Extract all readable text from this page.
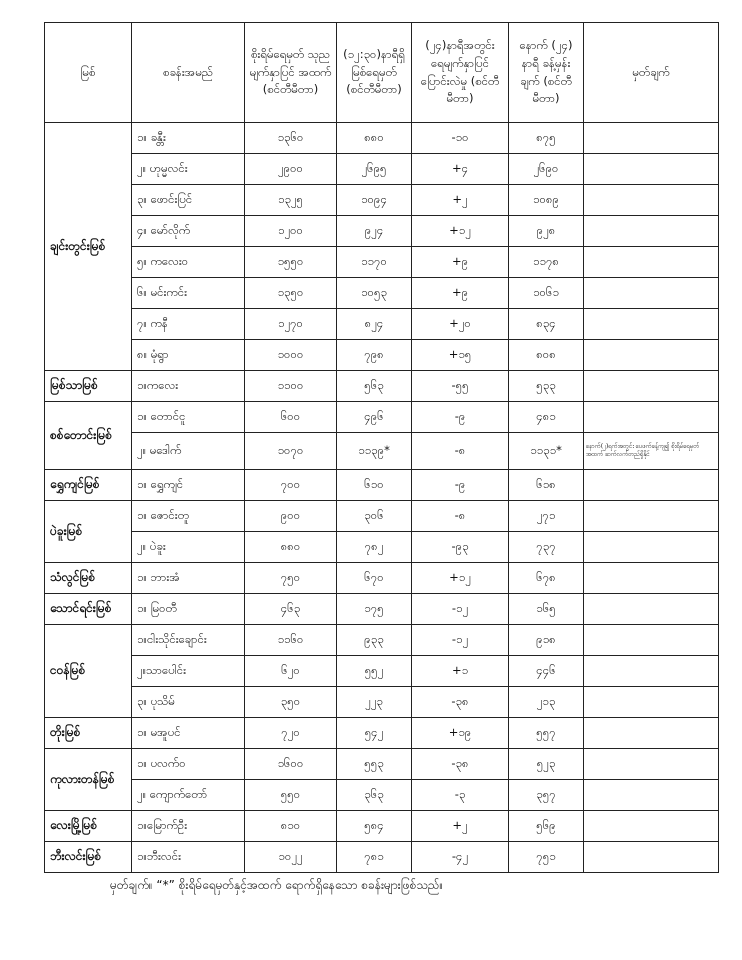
မြစ်	စခန်းအမည်	စိုးရိမ်ရေမှတ် သုညမျက်နှာပြင် အထက် (စင်တီမီတာ)	(၁၂:၃၀)နာရီရှိ မြစ်ရေမှတ် (စင်တီမီတာ)	(၂၄)နာရီအတွင်း ရေမျက်နှာပြင် ပြောင်းလဲမှု (စင်တီမီတာ)	နောက် (၂၄) နာရီ ခန့်မှန်းချက် (စင်တီမီတာ)	မှတ်ချက်
ချင်းတွင်းမြစ်	၁။ ခန္တီး	၁၃၆၀	၈၈၀	-၁၀	၈၇၅	
	၂။ ဟုမ္မလင်း	၂၉၀၀	၂၆၉၅	+၄	၂၆၉၀	
	၃။ ဖောင်းပြင်	၁၃၂၅	၁၀၉၄	+၂	၁၀၈၉	
	၄။ မော်လိုက်	၁၂၀၀	၉၂၄	+၁၂	၉၂၈	
	၅။ ကလေးဝ	၁၅၅၀	၁၁၇၀	+၉	၁၁၇၈	
	၆။ မင်းကင်း	၁၃၅၀	၁၀၅၃	+၉	၁၀၆၁	
	၇။ ကနီ	၁၂၇၀	၈၂၄	+၂၀	၈၃၄	
	၈။ မုံရွာ	၁၀၀၀	၇၉၈	+၁၅	၈၀၈	
မြစ်သာမြစ်	၁။ကလေး	၁၁၀၀	၅၆၃	-၅၅	၅၃၃	
စစ်တောင်းမြစ်	၁။ တောင်ငူ	၆၀၀	၄၉၆	-၉	၄၈၁	
	၂။ မဒေါက်	၁၀၇၀	၁၁၃၉*	-၈	၁၁၃၁*	နောက်(၂)ရက်အတွင်း ပေဖက်ခန့်ကျ၍ စိုးရိမ်ရေမှတ်အထက် ဆက်လက်တည်ရှိနိုင်
ရွှေကျင်မြစ်	၁။ ရွှေကျင်	၇၀၀	၆၁၀	-၉	၆၁၈	
ပဲခူးမြစ်	၁။ ဇောင်းတူ	၉၀၀	၃၀၆	-၈	၂၇၁	
	၂။ ပဲခူး	၈၈၀	၇၈၂	-၉၃	၇၃၇	
သံလွင်မြစ်	၁။ ဘားအံ	၇၅၀	၆၇၀	+၁၂	၆၇၈	
သောင်ရင်းမြစ်	၁။ မြဝတီ	၄၆၃	၁၇၅	-၁၂	၁၆၅	
ငဝန်မြစ်	၁။ငါးသိုင်းချောင်း	၁၁၆၀	၉၃၃	-၁၂	၉၁၈	
	၂။သာပေါင်း	၆၂၀	၅၅၂	+၁	၄၄၆	
	၃။ ပုသိမ်	၃၅၀	၂၂၃	-၃၈	၂၁၃	
တိုးမြစ်	၁။ မအူပင်	၇၂၀	၅၄၂	+၁၉	၅၅၇	
ကုလားတန်မြစ်	၁။ ပလက်ဝ	၁၆၀၀	၅၅၃	-၃၈	၅၂၃	
	၂။ ကျောက်တော်	၅၅၀	၃၆၃	-၃	၃၅၇	
လေးမြို့မြစ်	၁။မြောက်ဦး	၈၁၀	၅၈၄	+၂	၅၆၉	
ဘီးလင်းမြစ်	၁။ဘီးလင်း	၁၀၂၂	၇၈၁	-၄၂	၇၅၁	
မှတ်ချက်။ “*” စိုးရိမ်ရေမှတ်နှင့်အထက် ရောက်ရှိနေသော စခန်းများဖြစ်သည်။
